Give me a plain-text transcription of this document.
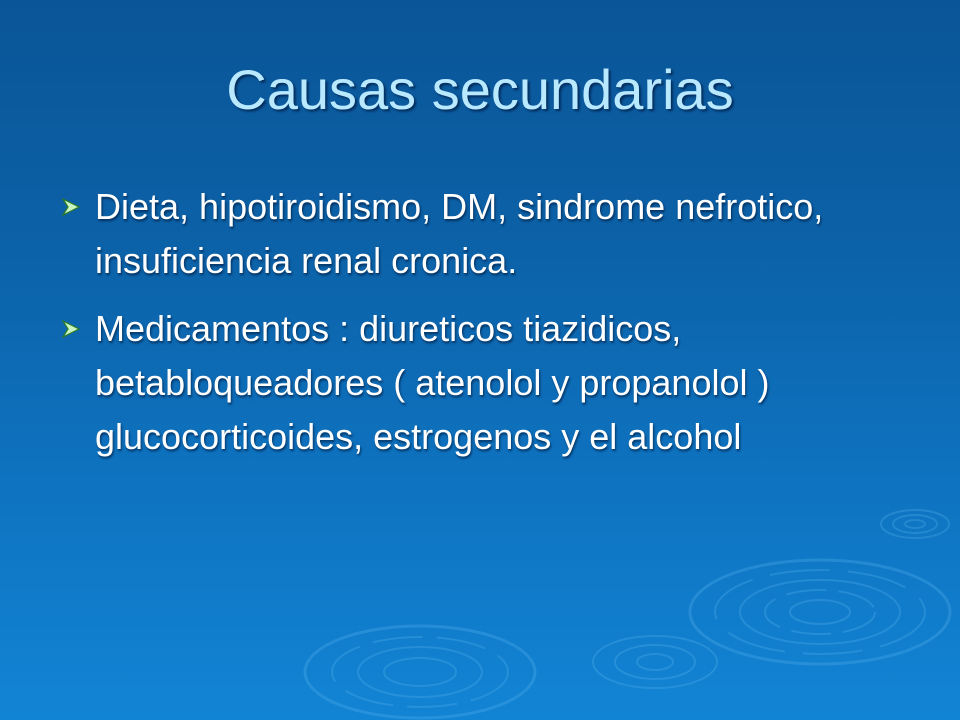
Causas secundarias
Dieta, hipotiroidismo, DM, sindrome nefrotico, insuficiencia renal cronica.
Medicamentos : diureticos tiazidicos, betabloqueadores ( atenolol y propanolol ) glucocorticoides, estrogenos y el alcohol
